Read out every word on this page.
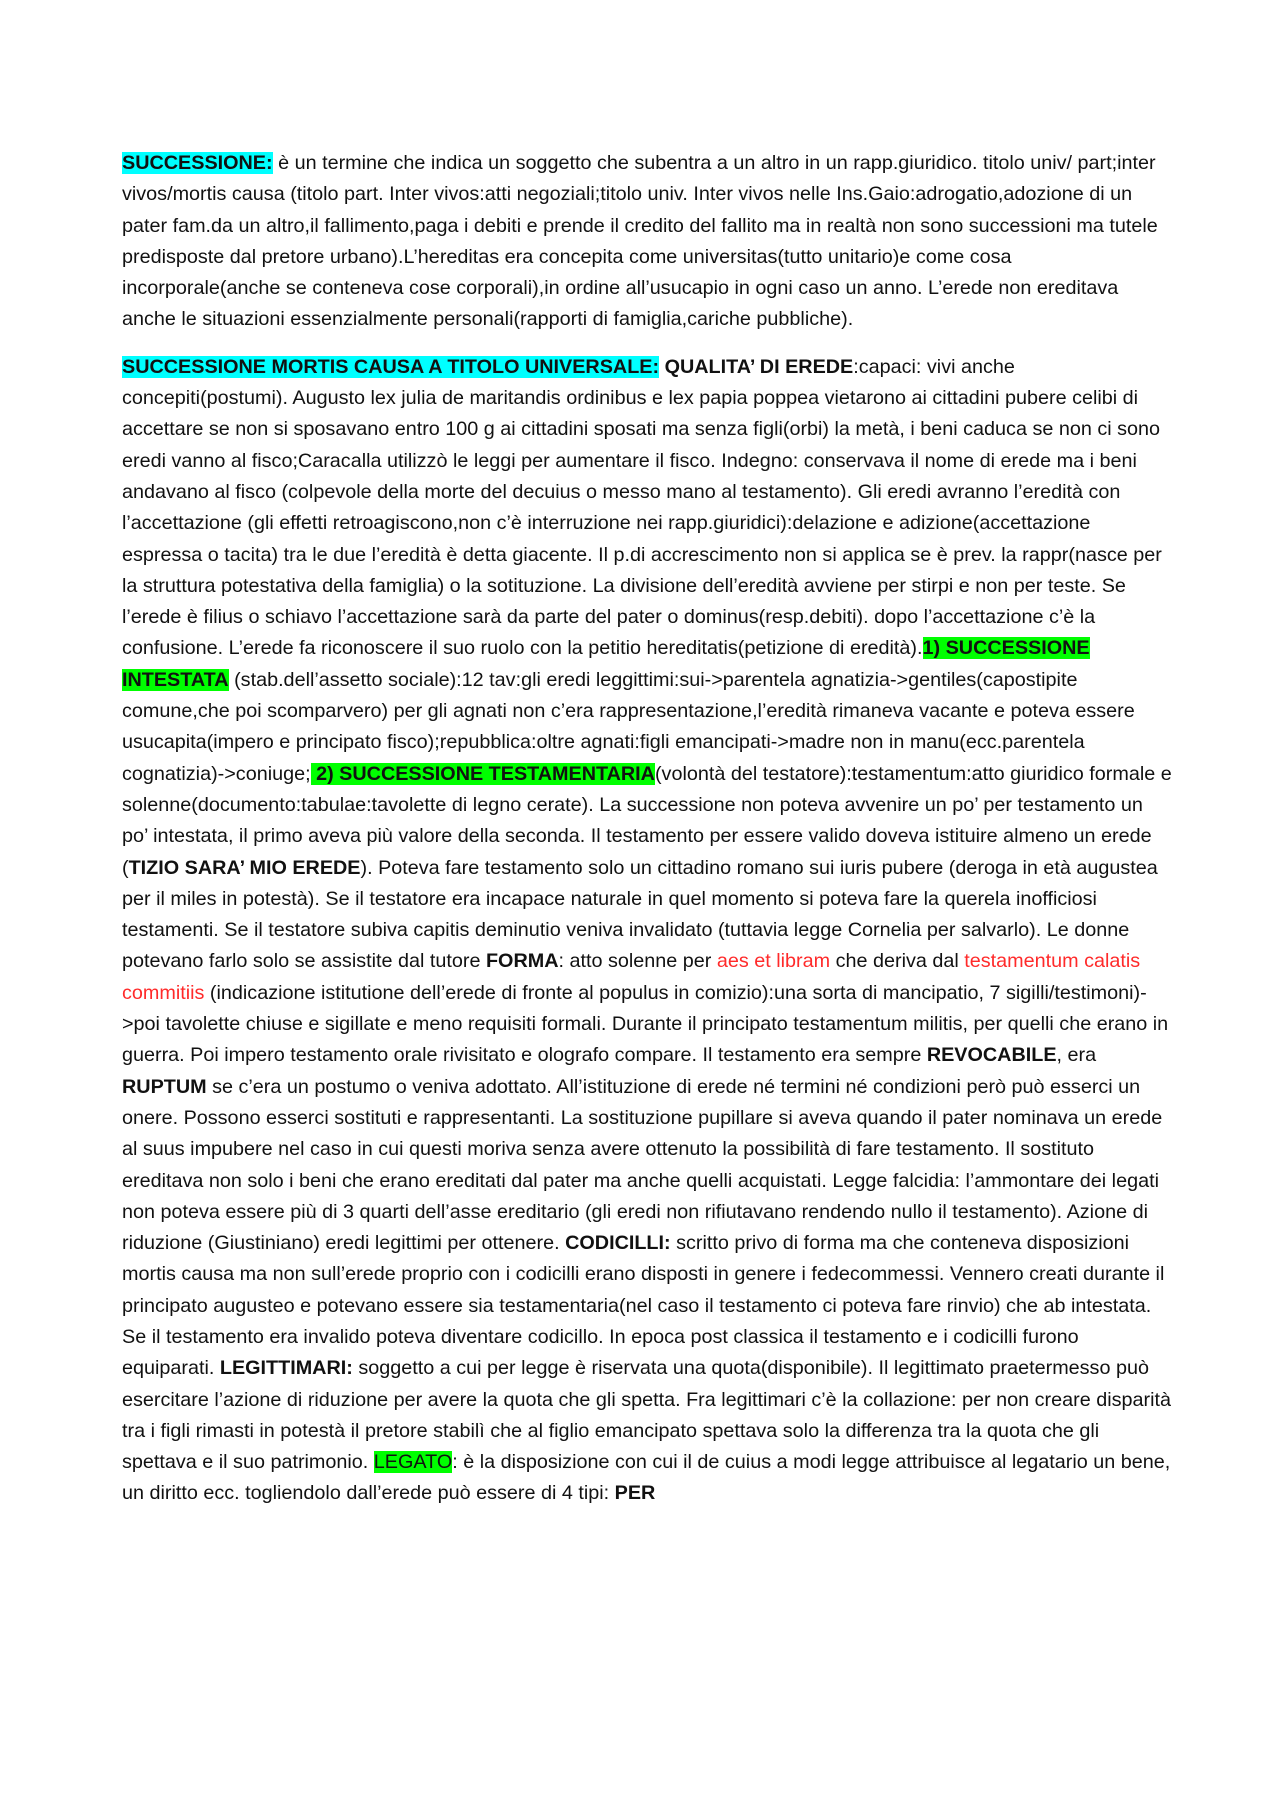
SUCCESSIONE: è un termine che indica un soggetto che subentra a un altro in un rapp.giuridico. titolo univ/ part;inter vivos/mortis causa (titolo part. Inter vivos:atti negoziali;titolo univ. Inter vivos nelle Ins.Gaio:adrogatio,adozione di un pater fam.da un altro,il fallimento,paga i debiti e prende il credito del fallito ma in realtà non sono successioni ma tutele predisposte dal pretore urbano).L’hereditas era concepita come universitas(tutto unitario)e come cosa incorporale(anche se conteneva cose corporali),in ordine all’usucapio in ogni caso un anno. L’erede non ereditava anche le situazioni essenzialmente personali(rapporti di famiglia,cariche pubbliche).

SUCCESSIONE MORTIS CAUSA A TITOLO UNIVERSALE: QUALITA’ DI EREDE:capaci: vivi anche concepiti(postumi). Augusto lex julia de maritandis ordinibus e lex papia poppea vietarono ai cittadini pubere celibi di accettare se non si sposavano entro 100 g ai cittadini sposati ma senza figli(orbi) la metà, i beni caduca se non ci sono eredi vanno al fisco;Caracalla utilizzò le leggi per aumentare il fisco. Indegno: conservava il nome di erede ma i beni andavano al fisco (colpevole della morte del decuius o messo mano al testamento). Gli eredi avranno l’eredità con l’accettazione (gli effetti retroagiscono,non c’è interruzione nei rapp.giuridici):delazione e adizione(accettazione espressa o tacita) tra le due l’eredità è detta giacente. Il p.di accrescimento non si applica se è prev. la rappr(nasce per la struttura potestativa della famiglia) o la sotituzione. La divisione dell’eredità avviene per stirpi e non per teste. Se l’erede è filius o schiavo l’accettazione sarà da parte del pater o dominus(resp.debiti). dopo l’accettazione c’è la confusione. L’erede fa riconoscere il suo ruolo con la petitio hereditatis(petizione di eredità).1) SUCCESSIONE INTESTATA (stab.dell’assetto sociale):12 tav:gli eredi leggittimi:sui->parentela agnatizia->gentiles(capostipite comune,che poi scomparvero) per gli agnati non c’era rappresentazione,l’eredità rimaneva vacante e poteva essere usucapita(impero e principato fisco);repubblica:oltre agnati:figli emancipati->madre non in manu(ecc.parentela cognatizia)->coniuge; 2) SUCCESSIONE TESTAMENTARIA(volontà del testatore):testamentum:atto giuridico formale e solenne(documento:tabulae:tavolette di legno cerate). La successione non poteva avvenire un po’ per testamento un po’ intestata, il primo aveva più valore della seconda. Il testamento per essere valido doveva istituire almeno un erede (TIZIO SARA’ MIO EREDE). Poteva fare testamento solo un cittadino romano sui iuris pubere (deroga in età augustea per il miles in potestà). Se il testatore era incapace naturale in quel momento si poteva fare la querela inofficiosi testamenti. Se il testatore subiva capitis deminutio veniva invalidato (tuttavia legge Cornelia per salvarlo). Le donne potevano farlo solo se assistite dal tutore FORMA: atto solenne per aes et libram che deriva dal testamentum calatis commitiis (indicazione istitutione dell’erede di fronte al populus in comizio):una sorta di mancipatio, 7 sigilli/testimoni)->poi tavolette chiuse e sigillate e meno requisiti formali. Durante il principato testamentum militis, per quelli che erano in guerra. Poi impero testamento orale rivisitato e olografo compare. Il testamento era sempre REVOCABILE, era RUPTUM se c’era un postumo o veniva adottato. All’istituzione di erede né termini né condizioni però può esserci un onere. Possono esserci sostituti e rappresentanti. La sostituzione pupillare si aveva quando il pater nominava un erede al suus impubere nel caso in cui questi moriva senza avere ottenuto la possibilità di fare testamento. Il sostituto ereditava non solo i beni che erano ereditati dal pater ma anche quelli acquistati. Legge falcidia: l’ammontare dei legati non poteva essere più di 3 quarti dell’asse ereditario (gli eredi non rifiutavano rendendo nullo il testamento). Azione di riduzione (Giustiniano) eredi legittimi per ottenere. CODICILLI: scritto privo di forma ma che conteneva disposizioni mortis causa ma non sull’erede proprio con i codicilli erano disposti in genere i fedecommessi. Vennero creati durante il principato augusteo e potevano essere sia testamentaria(nel caso il testamento ci poteva fare rinvio) che ab intestata. Se il testamento era invalido poteva diventare codicillo. In epoca post classica il testamento e i codicilli furono equiparati. LEGITTIMARI: soggetto a cui per legge è riservata una quota(disponibile). Il legittimato praetermesso può esercitare l’azione di riduzione per avere la quota che gli spetta. Fra legittimari c’è la collazione: per non creare disparità tra i figli rimasti in potestà il pretore stabilì che al figlio emancipato spettava solo la differenza tra la quota che gli spettava e il suo patrimonio. LEGATO: è la disposizione con cui il de cuius a modi legge attribuisce al legatario un bene, un diritto ecc. togliendolo dall’erede può essere di 4 tipi: PER
